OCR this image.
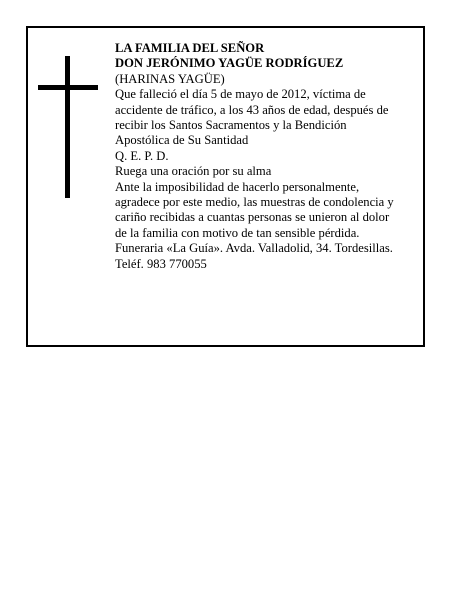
LA FAMILIA DEL SEÑOR
DON JERÓNIMO YAGÜE RODRÍGUEZ
(HARINAS YAGÜE)
Que falleció el día 5 de mayo de 2012, víctima de
accidente de tráfico, a los 43 años de edad, después de
recibir los Santos Sacramentos y la Bendición
Apostólica de Su Santidad
Q. E. P. D.
Ruega una oración por su alma
Ante la imposibilidad de hacerlo personalmente,
agradece por este medio, las muestras de condolencia y
cariño recibidas a cuantas personas se unieron al dolor
de la familia con motivo de tan sensible pérdida.
Funeraria «La Guía». Avda. Valladolid, 34. Tordesillas.
Teléf. 983 770055
